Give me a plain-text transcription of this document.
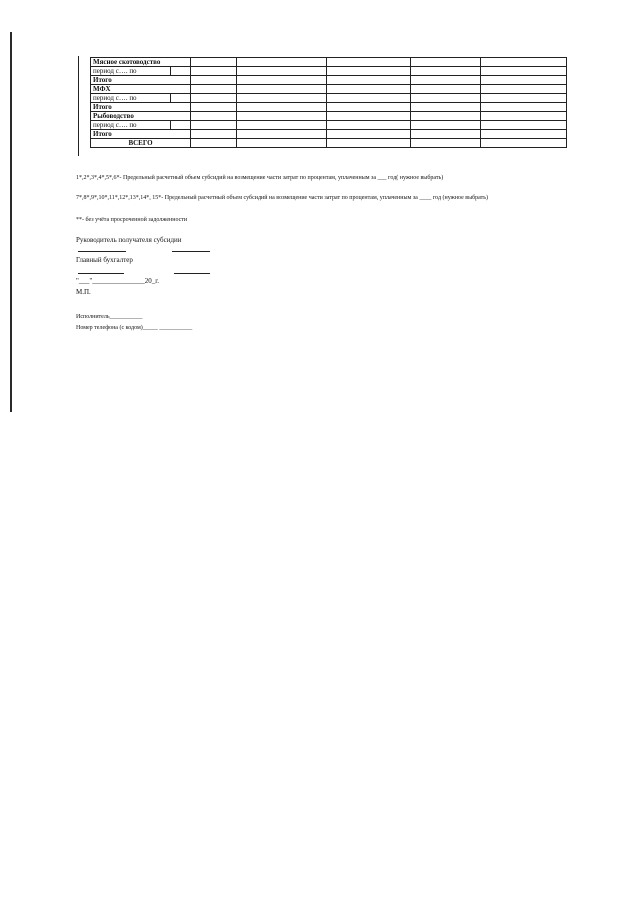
Мясное скотоводство						
период с…. по						
Итого						
МФХ						
период с…. по						
Итого						
Рыбоводство						
период с…. по						
Итого						
ВСЕГО						
1*,2*,3*,4*,5*,6*- Предельный расчетный объем субсидий на возмещение части затрат по процентам, уплаченным за ___ год( нужное выбрать)
7*,8*,9*,10*,11*,12*,13*,14*, 15*- Предельный расчетный объем субсидий на возмещение части затрат по процентам, уплаченным за ____ год (нужное выбрать)
**- без учёта просроченной задолженности
Руководитель получателя субсидии
Главный бухгалтер
"___"_______________20_г.
М.П.
Исполнитель___________
Номер телефона (с кодом)_____ ___________
